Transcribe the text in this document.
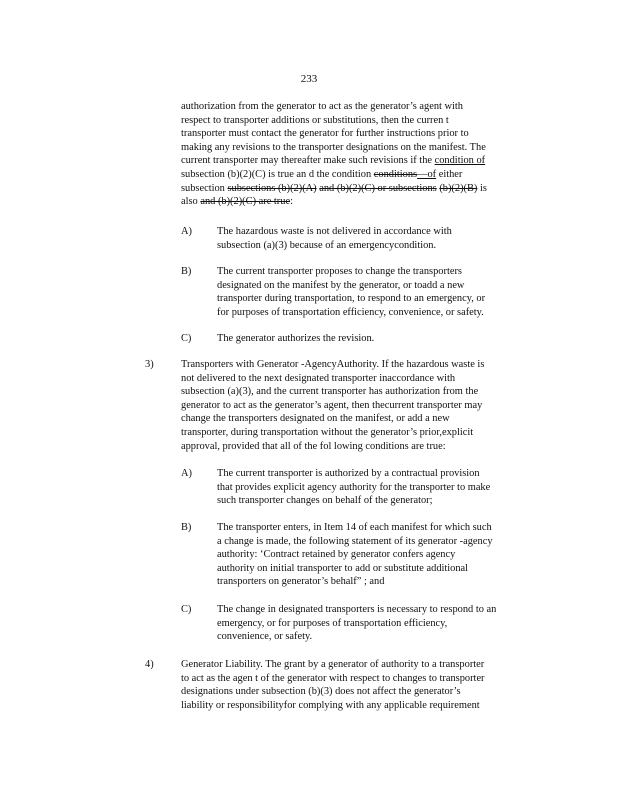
233
authorization from the generator to act as the generator’s agent with
respect to transporter additions or substitutions, then the curren t
transporter must contact the generator for further instructions prior to
making any revisions to the transporter designations on the manifest. The
current transporter may thereafter make such revisions if the condition of
subsection (b)(2)(C) is true an d the condition conditions—of either
subsection subsections (b)(2)(A) and (b)(2)(C) or subsections (b)(2)(B) is
also and (b)(2)(C) are true:
A) The hazardous waste is not delivered in accordance with
subsection (a)(3) because of an emergencycondition.
B) The current transporter proposes to change the transporters
designated on the manifest by the generator, or toadd a new
transporter during transportation, to respond to an emergency, or
for purposes of transportation efficiency, convenience, or safety.
C) The generator authorizes the revision.
3)	Transporters with Generator -AgencyAuthority. If the hazardous waste is
not delivered to the next designated transporter inaccordance with
subsection (a)(3), and the current transporter has authorization from the
generator to act as the generator’s agent, then thecurrent transporter may
change the transporters designated on the manifest, or add a new
transporter, during transportation without the generator’s prior,explicit
approval, provided that all of the fol lowing conditions are true:
A) The current transporter is authorized by a contractual provision
that provides explicit agency authority for the transporter to make
such transporter changes on behalf of the generator;
B) The transporter enters, in Item 14 of each manifest for which such
a change is made, the following statement of its generator -agency
authority: ‘Contract retained by generator confers agency
authority on initial transporter to add or substitute additional
transporters on generator’s behalf” ; and
C) The change in designated transporters is necessary to respond to an
emergency, or for purposes of transportation efficiency,
convenience, or safety.
4)	Generator Liability. The grant by a generator of authority to a transporter
to act as the agen t of the generator with respect to changes to transporter
designations under subsection (b)(3) does not affect the generator’s
liability or responsibilityfor complying with any applicable requirement
